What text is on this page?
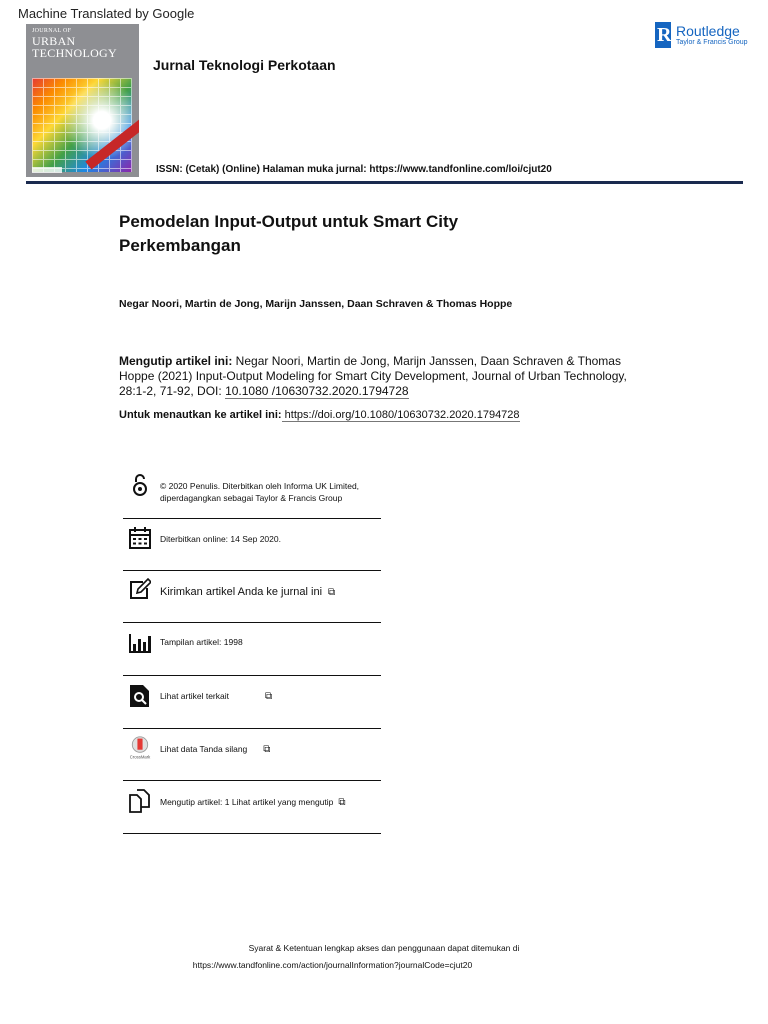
Machine Translated by Google
JOURNAL OF
URBAN
TECHNOLOGY
Jurnal Teknologi Perkotaan
R Routledge
Taylor & Francis Group
ISSN: (Cetak) (Online) Halaman muka jurnal: https://www.tandfonline.com/loi/cjut20
Pemodelan Input-Output untuk Smart City Perkembangan
Negar Noori, Martin de Jong, Marijn Janssen, Daan Schraven & Thomas Hoppe
Mengutip artikel ini: Negar Noori, Martin de Jong, Marijn Janssen, Daan Schraven & Thomas Hoppe (2021) Input-Output Modeling for Smart City Development, Journal of Urban Technology, 28:1-2, 71-92, DOI: 10.1080 /10630732.2020.1794728
Untuk menautkan ke artikel ini: https://doi.org/10.1080/10630732.2020.1794728
© 2020 Penulis. Diterbitkan oleh Informa UK Limited, diperdagangkan sebagai Taylor & Francis Group
Diterbitkan online: 14 Sep 2020.
Kirimkan artikel Anda ke jurnal ini ⧉
Tampilan artikel: 1998
Lihat artikel terkait	⧉
CrossMark
Lihat data Tanda silang ⧉
Mengutip artikel: 1 Lihat artikel yang mengutip ⧉
Syarat & Ketentuan lengkap akses dan penggunaan dapat ditemukan di
https://www.tandfonline.com/action/journalInformation?journalCode=cjut20
